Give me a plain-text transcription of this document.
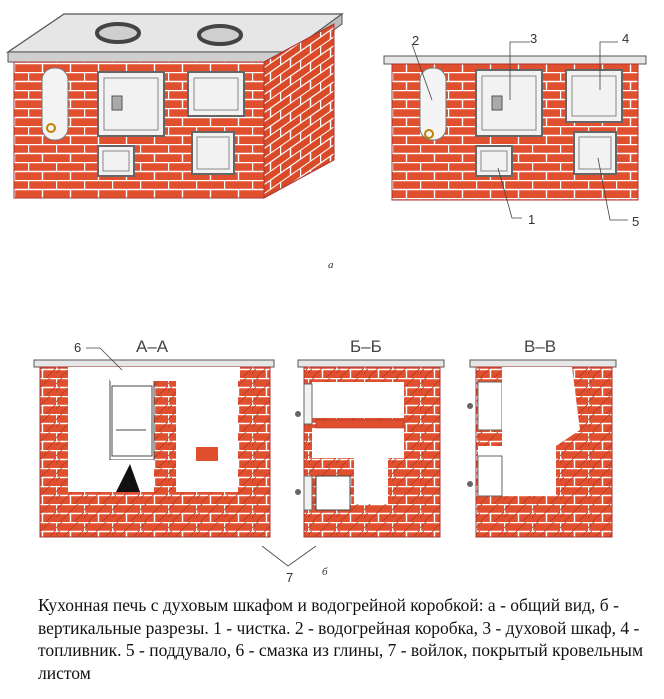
2	3	4
1	5
а
А–А
6	Б–Б	В–В
7	б

Кухонная печь с духовым шкафом и водогрейной коробкой: а - общий вид, б - вертикальные разрезы. 1 - чистка. 2 - водогрейная коробка, 3 - духовой шкаф, 4 - топливник. 5 - поддувало, 6 - смазка из глины, 7 - войлок, покрытый кровельным листом
